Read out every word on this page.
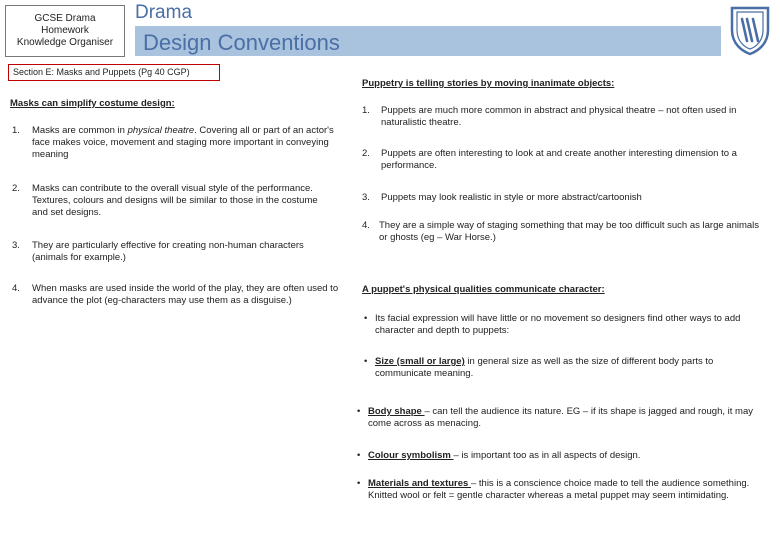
GCSE Drama
Homework
Knowledge Organiser
Drama
Design Conventions
Section E: Masks and Puppets (Pg 40 CGP)
Masks can simplify costume design:
1.	Masks are common in physical theatre. Covering all or part of an actor's face makes voice, movement and staging more important in conveying meaning
2.	Masks can contribute to the overall visual style of the performance. Textures, colours and designs will be similar to those in the costume and set designs.
3.	They are particularly effective for creating non-human characters (animals for example.)
4.	When masks are used inside the world of the play, they are often used to advance the plot (eg-characters may use them as a disguise.)
Puppetry is telling stories by moving inanimate objects:
1.	Puppets are much more common in abstract and physical theatre – not often used in naturalistic theatre.
2.	Puppets are often interesting to look at and create another interesting dimension to a performance.
3.	Puppets may look realistic in style or more abstract/cartoonish
4. They are a simple way of staging something that may be too difficult such as large animals or ghosts (eg – War Horse.)
A puppet's physical qualities communicate character:
• Its facial expression will have little or no movement so designers find other ways to add character and depth to puppets:
• Size (small or large) in general size as well as the size of different body parts to communicate meaning.
• Body shape – can tell the audience its nature. EG – if its shape is jagged and rough, it may come across as menacing.
• Colour symbolism – is important too as in all aspects of design.
• Materials and textures – this is a conscience choice made to tell the audience something. Knitted wool or felt = gentle character whereas a metal puppet may seem intimidating.
